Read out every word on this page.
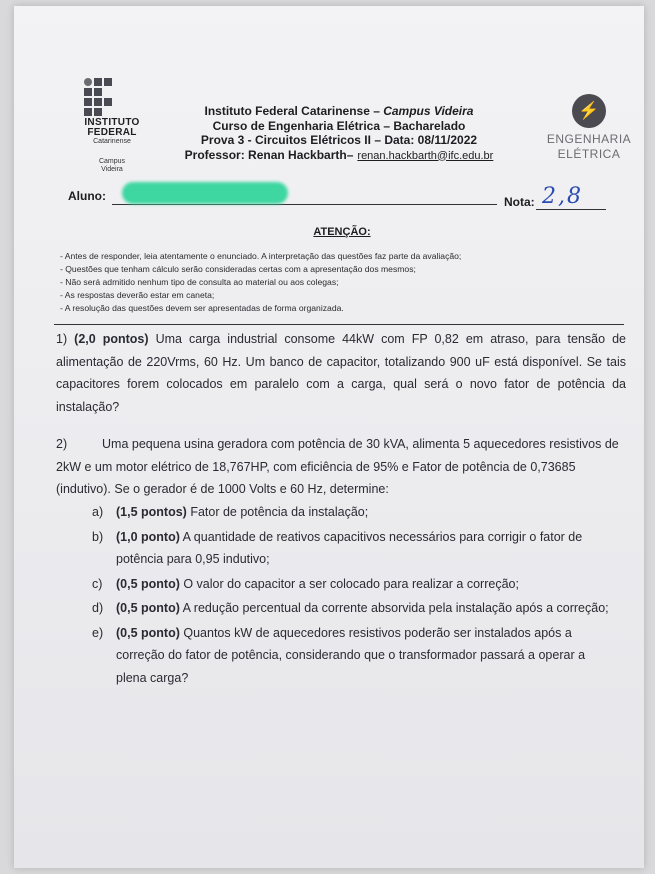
INSTITUTO
FEDERAL
Catarinense
Campus
Videira
Instituto Federal Catarinense – Campus Videira
Curso de Engenharia Elétrica – Bacharelado
Prova 3 - Circuitos Elétricos II – Data: 08/11/2022
Professor: Renan Hackbarth– renan.hackbarth@ifc.edu.br
⚡
ENGENHARIA
ELÉTRICA
Aluno:	Nota: 2,8
ATENÇÃO:
- Antes de responder, leia atentamente o enunciado. A interpretação das questões faz parte da avaliação;
- Questões que tenham cálculo serão consideradas certas com a apresentação dos mesmos;
- Não será admitido nenhum tipo de consulta ao material ou aos colegas;
- As respostas deverão estar em caneta;
- A resolução das questões devem ser apresentadas de forma organizada.
1) (2,0 pontos) Uma carga industrial consome 44kW com FP 0,82 em atraso, para tensão de alimentação de 220Vrms, 60 Hz. Um banco de capacitor, totalizando 900 uF está disponível. Se tais capacitores forem colocados em paralelo com a carga, qual será o novo fator de potência da instalação?
2)	Uma pequena usina geradora com potência de 30 kVA, alimenta 5 aquecedores resistivos de 2kW e um motor elétrico de 18,767HP, com eficiência de 95% e Fator de potência de 0,73685 (indutivo). Se o gerador é de 1000 Volts e 60 Hz, determine:
a) (1,5 pontos) Fator de potência da instalação;
b) (1,0 ponto) A quantidade de reativos capacitivos necessários para corrigir o fator de potência para 0,95 indutivo;
c) (0,5 ponto) O valor do capacitor a ser colocado para realizar a correção;
d) (0,5 ponto) A redução percentual da corrente absorvida pela instalação após a correção;
e) (0,5 ponto) Quantos kW de aquecedores resistivos poderão ser instalados após a correção do fator de potência, considerando que o transformador passará a operar a plena carga?
